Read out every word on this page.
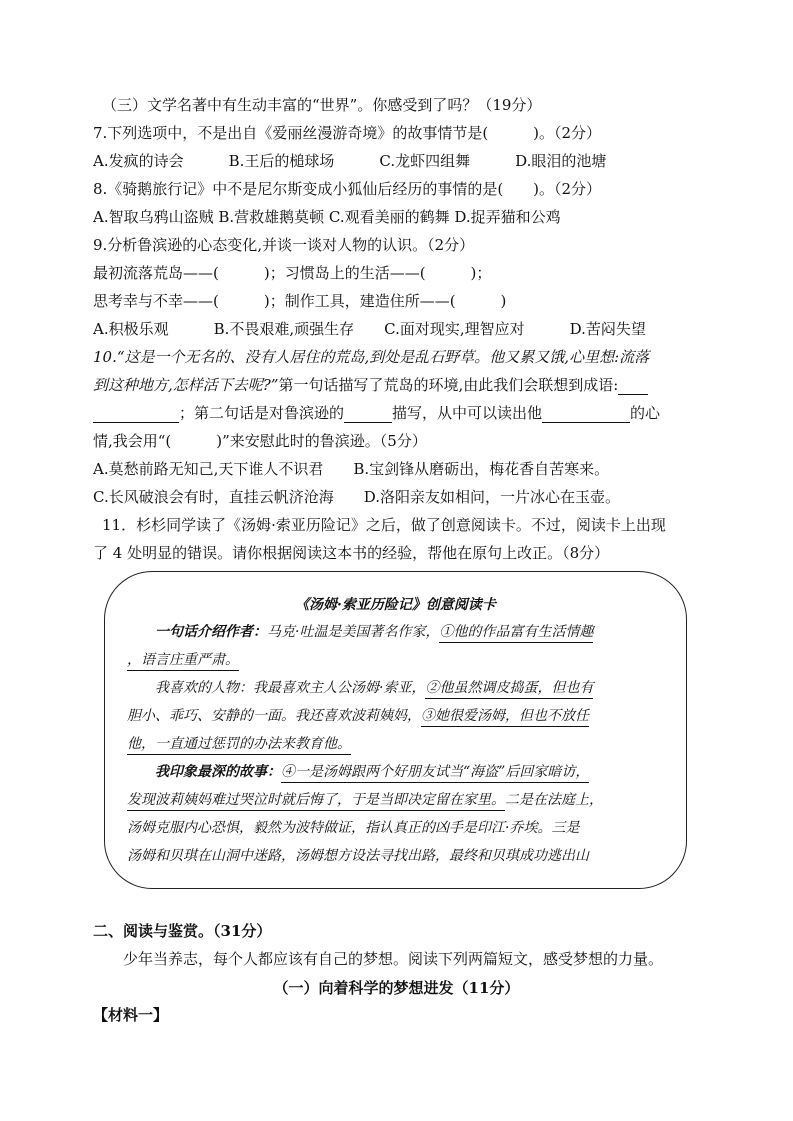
（三）文学名著中有生动丰富的“世界”。你感受到了吗？（19分）
7.下列选项中，不是出自《爱丽丝漫游奇境》的故事情节是(　　　)。（2分）
A.发疯的诗会　　　B.王后的槌球场　　　C.龙虾四组舞　　　D.眼泪的池塘
8.《骑鹅旅行记》中不是尼尔斯变成小狐仙后经历的事情的是(　　)。（2分）
A.智取乌鸦山盗贼 B.营救雄鹅莫顿 C.观看美丽的鹤舞 D.捉弄猫和公鸡
9.分析鲁滨逊的心态变化,并谈一谈对人物的认识。（2分）
最初流落荒岛——(　　　)；习惯岛上的生活——(　　　)；
思考幸与不幸——(　　　)；制作工具，建造住所——(　　　)
A.积极乐观　　　B.不畏艰难,顽强生存　　C.面对现实,理智应对　　　D.苦闷失望
10.“这是一个无名的、没有人居住的荒岛,到处是乱石野草。他又累又饿,心里想:流落
到这种地方,怎样活下去呢?”第一句话描写了荒岛的环境,由此我们会联想到成语:
；第二句话是对鲁滨逊的	描写，从中可以读出他	的心
情,我会用“(　　　)”来安慰此时的鲁滨逊。（5分）
A.莫愁前路无知己,天下谁人不识君　　B.宝剑锋从磨砺出，梅花香自苦寒来。
C.长风破浪会有时，直挂云帆济沧海　　D.洛阳亲友如相问，一片冰心在玉壶。
11．杉杉同学读了《汤姆·索亚历险记》之后，做了创意阅读卡。不过，阅读卡上出现
了 4 处明显的错误。请你根据阅读这本书的经验，帮他在原句上改正。（8分）
《汤姆·索亚历险记》创意阅读卡
一句话介绍作者：马克·吐温是美国著名作家，①他的作品富有生活情趣
，语言庄重严肃。
我喜欢的人物：我最喜欢主人公汤姆·索亚，②他虽然调皮捣蛋，但也有
胆小、乖巧、安静的一面。我还喜欢波莉姨妈，③她很爱汤姆，但也不放任
他，一直通过惩罚的办法来教育他。
我印象最深的故事：④一是汤姆跟两个好朋友试当“海盗”后回家暗访，
发现波莉姨妈难过哭泣时就后悔了，于是当即决定留在家里。二是在法庭上，
汤姆克服内心恐惧，毅然为波特做证，指认真正的凶手是印江·乔埃。三是
汤姆和贝琪在山洞中迷路，汤姆想方设法寻找出路，最终和贝琪成功逃出山
二、阅读与鉴赏。（31分）
少年当养志，每个人都应该有自己的梦想。阅读下列两篇短文，感受梦想的力量。
（一）向着科学的梦想进发（11分）
【材料一】
